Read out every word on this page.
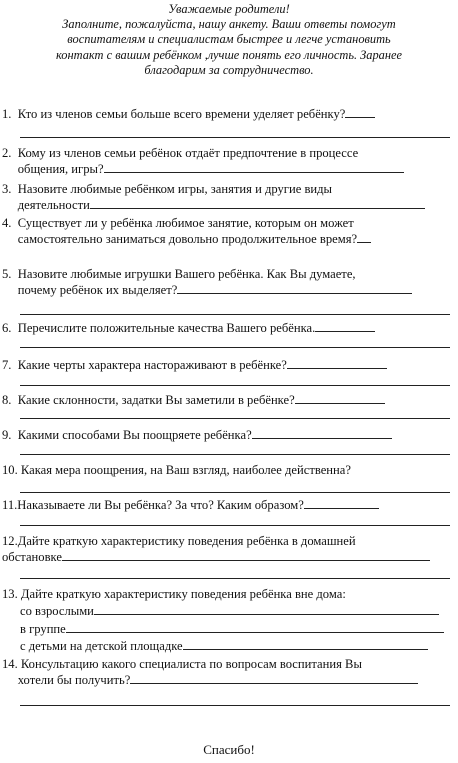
Уважаемые родители!
Заполните, пожалуйста, нашу анкету. Ваши ответы помогут
воспитателям и специалистам быстрее и легче установить
контакт с вашим ребёнком ,лучше понять его личность. Заранее
благодарим за сотрудничество.
1.  Кто из членов семьи больше всего времени уделяет ребёнку?
2.  Кому из членов семьи ребёнок отдаёт предпочтение в процессе
общения, игры?
3.  Назовите любимые ребёнком игры, занятия и другие виды
деятельности
4.  Существует ли у ребёнка любимое занятие, которым он может
самостоятельно заниматься довольно продолжительное время?
5.  Назовите любимые игрушки Вашего ребёнка. Как Вы думаете,
почему ребёнок их выделяет?
6.  Перечислите положительные качества Вашего ребёнка.
7.  Какие черты характера настораживают в ребёнке?
8.  Какие склонности, задатки Вы заметили в ребёнке?
9.  Какими способами Вы поощряете ребёнка?
10. Какая мера поощрения, на Ваш взгляд, наиболее действенна?
11.Наказываете ли Вы ребёнка? За что? Каким образом?
12.Дайте краткую характеристику поведения ребёнка в домашней
обстановке
13. Дайте краткую характеристику поведения ребёнка вне дома:
со взрослыми
в группе
с детьми на детской площадке
14. Консультацию какого специалиста по вопросам воспитания Вы
хотели бы получить?
Спасибо!
